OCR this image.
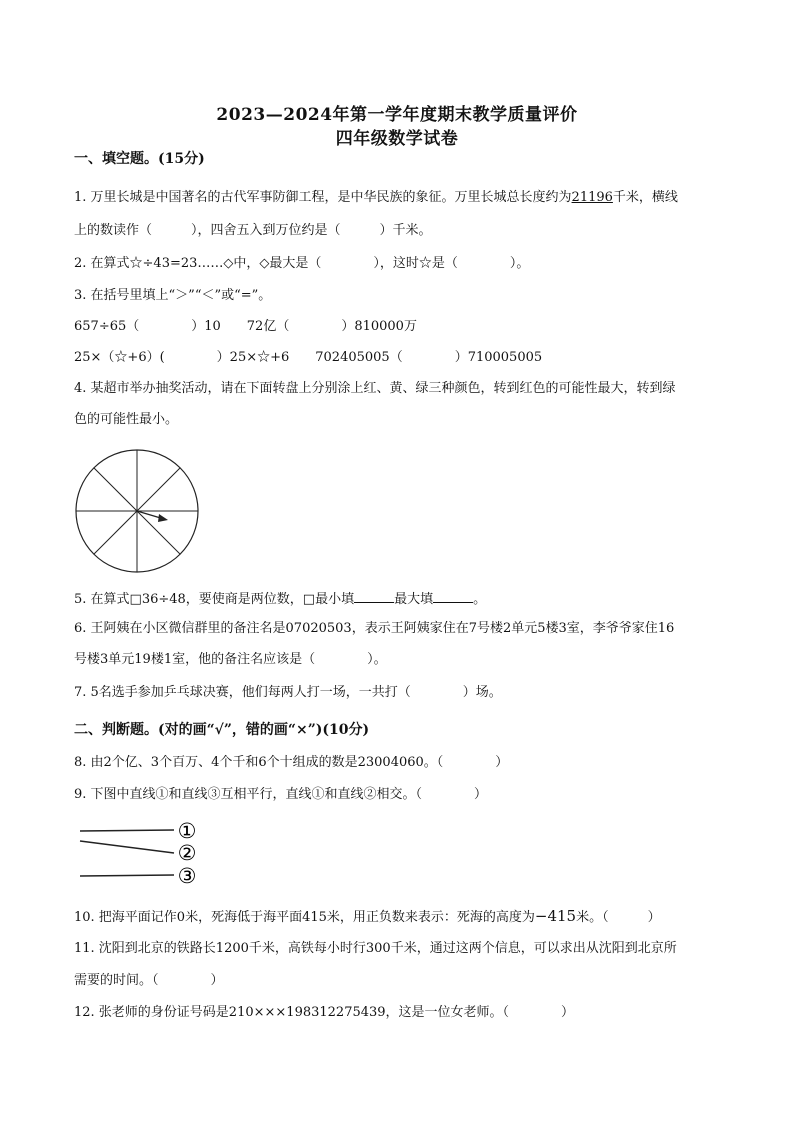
2023—2024年第一学年度期末教学质量评价
四年级数学试卷
一、填空题。(15分)
1. 万里长城是中国著名的古代军事防御工程，是中华民族的象征。万里长城总长度约为21196千米，横线
上的数读作（　　　），四舍五入到万位约是（　　　）千米。
2. 在算式☆÷43=23……◇中，◇最大是（　　　　），这时☆是（　　　　）。
3. 在括号里填上“＞”“＜”或“=”。
657÷65（　　　　）10　　72亿（　　　　）810000万
25×（☆+6）(　　　　）25×☆+6　　702405005（　　　　）710005005
4. 某超市举办抽奖活动，请在下面转盘上分别涂上红、黄、绿三种颜色，转到红色的可能性最大，转到绿
色的可能性最小。
5. 在算式□36÷48，要使商是两位数，□最小填	最大填	。
6. 王阿姨在小区微信群里的备注名是07020503，表示王阿姨家住在7号楼2单元5楼3室，李爷爷家住16
号楼3单元19楼1室，他的备注名应该是（　　　　）。
7. 5名选手参加乒乓球决赛，他们每两人打一场，一共打（　　　　）场。
二、判断题。(对的画“√”，错的画“×”)(10分)
8. 由2个亿、3个百万、4个千和6个十组成的数是23004060。（　　　　）
9. 下图中直线①和直线③互相平行，直线①和直线②相交。（　　　　）
①
②
③
10. 把海平面记作0米，死海低于海平面415米，用正负数来表示：死海的高度为−415米。（　　　）
11. 沈阳到北京的铁路长1200千米，高铁每小时行300千米，通过这两个信息，可以求出从沈阳到北京所
需要的时间。（　　　　）
12. 张老师的身份证号码是210×××198312275439，这是一位女老师。（　　　　）
